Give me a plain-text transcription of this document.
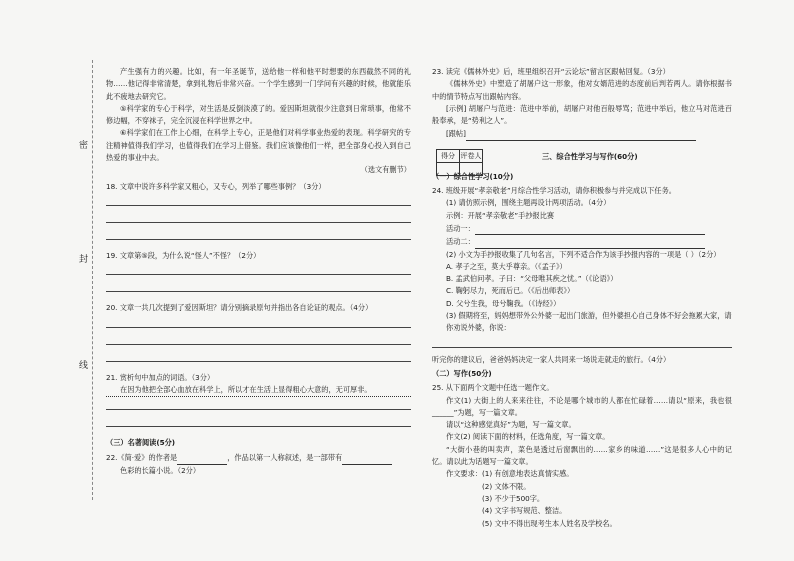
密
封
线

产生强有力的兴趣。比如，有一年圣诞节，送给他一样和他平时想要的东西截然不同的礼物……他记得非常清楚，拿到礼物后非常兴奋。一个学生感到一门学问有兴趣的时候，他就能乐此不疲地去研究它。

⑤科学家的专心于科学，对生活是反倒淡漠了的。爱因斯坦就很少注意到日常琐事，他常不修边幅，不穿袜子，完全沉浸在科学世界之中。

⑥科学家们在工作上心细，在科学上专心，正是他们对科学事业热爱的表现。科学研究的专注精神值得我们学习，也值得我们在学习上借鉴。我们应该像他们一样，把全部身心投入到自己热爱的事业中去。

（选文有删节）

18. 文章中说许多科学家又粗心，又专心，列举了哪些事例？（3分）

19. 文章第⑤段，为什么说“怪人”不怪？（2分）

20. 文章一共几次提到了爱因斯坦？请分别摘录原句并指出各自论证的观点。（4分）

21. 赏析句中加点的词语。（3分）

在因为他把全部心血放在科学上，所以才在生活上显得粗心大意的，无可厚非。

（三）名著阅读(5分)

22.《简·爱》的作者是	，作品以第一人称叙述，是一部带有

色彩的长篇小说。（2分）

23. 读完《儒林外史》后，班里组织召开“云论坛”留言区跟帖回复。（3分）

《儒林外史》中塑造了胡屠户这一形象，他对女婿范进的态度前后判若两人。请你根据书中的情节特点写出跟帖内容。

[示例] 胡屠户与范进：范进中举前，胡屠户对他百般辱骂；范进中举后，他立马对范进百般奉承，是“势利之人”。

[跟帖]

得分	评卷人
		三、综合性学习与写作(60分)

（一）综合性学习(10分)

24. 班级开展“孝亲敬老”月综合性学习活动，请你积极参与并完成以下任务。

(1) 请仿照示例，围绕主题再设计两项活动。（4分）

示例：开展“孝亲敬老”手抄报比赛

活动一：

活动二：

(2) 小文为手抄报收集了几句名言，下列不适合作为该手抄报内容的一项是（ ）（2分）

A. 孝子之至，莫大乎尊亲。（《孟子》）

B. 孟武伯问孝。子曰：“父母唯其疾之忧。”（《论语》）

C. 鞠躬尽力，死而后已。（《后出师表》）

D. 父兮生我，母兮鞠我。（《诗经》）

(3) 假期将至，妈妈想带外公外婆一起出门旅游，但外婆担心自己身体不好会拖累大家，请你劝说外婆，你说：

听完你的建议后，爸爸妈妈决定一家人共同来一场说走就走的旅行。（4分）

（二）写作(50分)

25. 从下面两个文题中任选一题作文。

作文(1) 大街上的人来来往往，不论是哪个城市的人都在忙碌着……请以“原来，我也很______”为题，写一篇文章。

请以“这种感觉真好”为题，写一篇文章。

作文(2) 阅读下面的材料，任选角度，写一篇文章。

“大街小巷的叫卖声，菜色是透过后窗飘出的……家乡的味道……”这是很多人心中的记忆。请以此为话题写一篇文章。

作文要求：(1) 有创意地表达真情实感。

(2) 文体不限。

(3) 不少于500字。

(4) 文字书写规范、整洁。

(5) 文中不得出现考生本人姓名及学校名。
